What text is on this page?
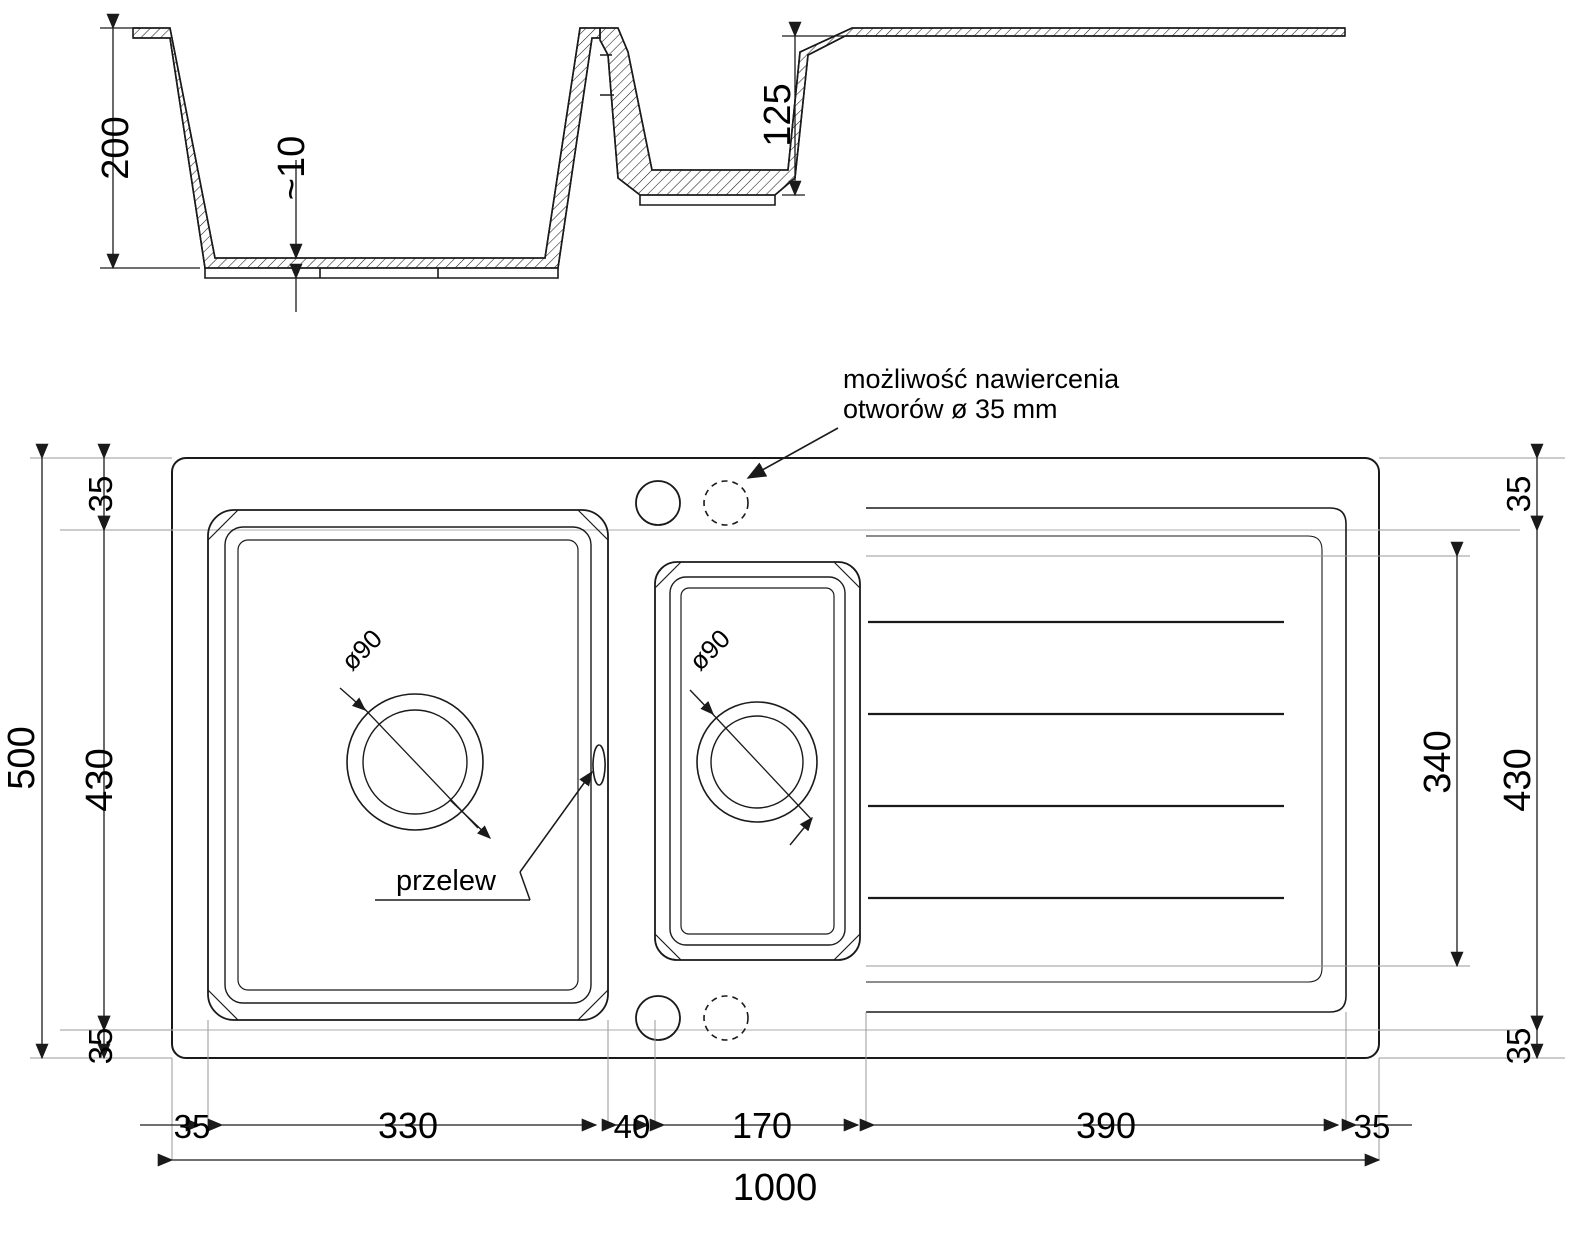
200	~10
125
możliwość nawiercenia
otworów ø 35 mm
ø90
przelew
ø90
500
35
430
35
35
430
35
340
35	330	40 170	390	35
1000
